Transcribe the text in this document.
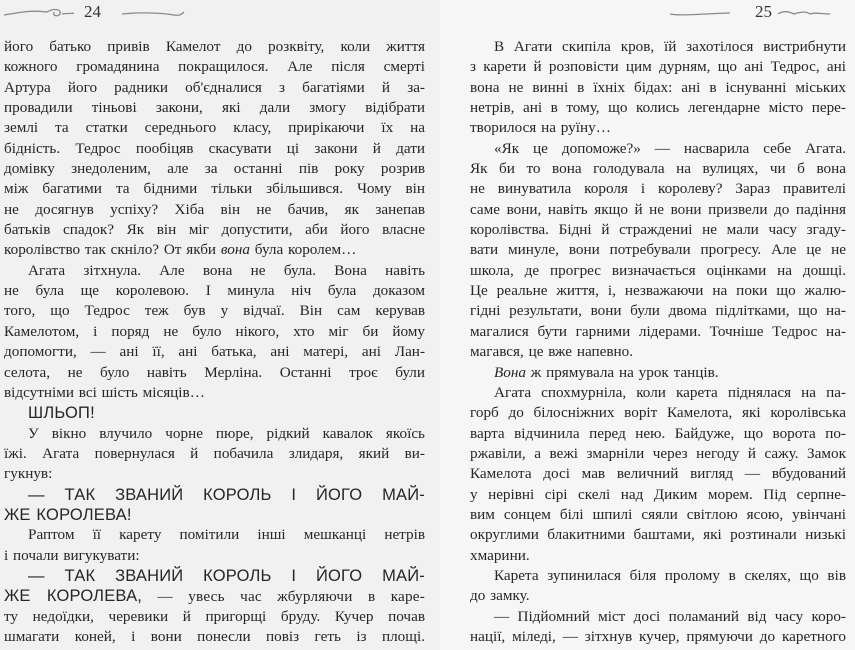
24
його батько привів Камелот до розквіту, коли життя
кожного громадянина покращилося. Але після смерті
Артура його радники об'єдналися з багатіями й за-
провадили тіньові закони, які дали змогу відібрати
землі та статки середнього класу, прирікаючи їх на
бідність. Тедрос пообіцяв скасувати ці закони й дати
домівку знедоленим, але за останні пів року розрив
між багатими та бідними тільки збільшився. Чому він
не досягнув успіху? Хіба він не бачив, як занепав
батьків спадок? Як він міг допустити, аби його власне
королівство так скніло? От якби вона була королем…
Агата зітхнула. Але вона не була. Вона навіть
не була ще королевою. І минула ніч була доказом
того, що Тедрос теж був у відчаї. Він сам керував
Камелотом, і поряд не було нікого, хто міг би йому
допомогти, — ані її, ані батька, ані матері, ані Лан-
селота, не було навіть Мерліна. Останні троє були
відсутніми всі шість місяців…
ШЛЬОП!
У вікно влучило чорне пюре, рідкий кавалок якоїсь
їжі. Агата повернулася й побачила злидаря, який ви-
гукнув:
— ТАК ЗВАНИЙ КОРОЛЬ І ЙОГО МАЙ-
ЖЕ КОРОЛЕВА!
Раптом її карету помітили інші мешканці нетрів
і почали вигукувати:
— ТАК ЗВАНИЙ КОРОЛЬ І ЙОГО МАЙ-
ЖЕ КОРОЛЕВА, — увесь час жбурляючи в каре-
ту недоїдки, черевики й пригорщі бруду. Кучер почав
шмагати коней, і вони понесли повіз геть із площі.
25
В Агати скипіла кров, їй захотілося вистрибнути
з карети й розповісти цим дурням, що ані Тедрос, ані
вона не винні в їхніх бідах: ані в існуванні міських
нетрів, ані в тому, що колись легендарне місто пере-
творилося на руїну…
«Як це допоможе?» — насварила себе Агата.
Як би то вона голодувала на вулицях, чи б вона
не винуватила короля і королеву? Зараз правителі
саме вони, навіть якщо й не вони призвели до падіння
королівства. Бідні й страждениі не мали часу згаду-
вати минуле, вони потребували прогресу. Але це не
школа, де прогрес визначається оцінками на дошці.
Це реальне життя, і, незважаючи на поки що жалю-
гідні результати, вони були двома підлітками, що на-
магалися бути гарними лідерами. Точніше Тедрос на-
магався, це вже напевно.
Вона ж прямувала на урок танців.
Агата спохмурніла, коли карета піднялася на па-
горб до білосніжних воріт Камелота, які королівська
варта відчинила перед нею. Байдуже, що ворота по-
ржавіли, а вежі змарніли через негоду й сажу. Замок
Камелота досі мав величний вигляд — вбудований
у нерівні сірі скелі над Диким морем. Під серпне-
вим сонцем білі шпилі сяяли світлою ясою, увінчані
округлими блакитними баштами, які розтинали низькі
хмарини.
Карета зупинилася біля пролому в скелях, що вів
до замку.
— Підйомний міст досі поламаний від часу коро-
нації, міледі, — зітхнув кучер, прямуючи до каретного
